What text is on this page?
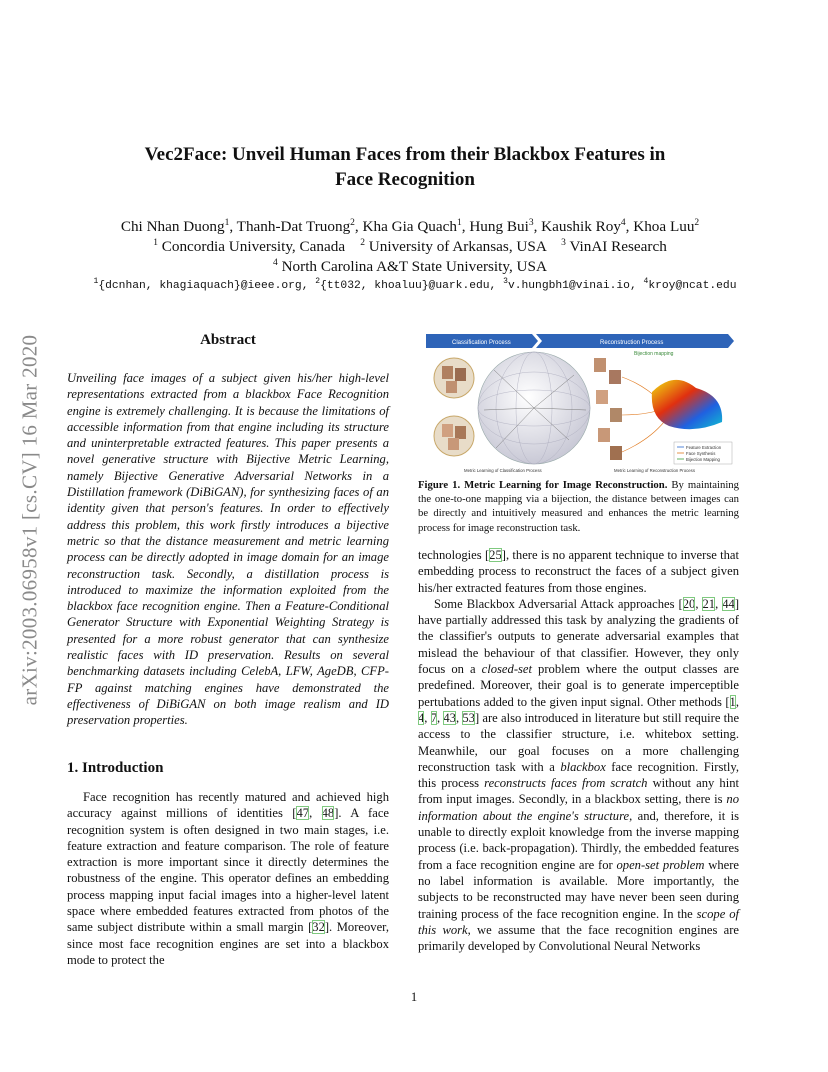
arXiv:2003.06958v1 [cs.CV] 16 Mar 2020
Vec2Face: Unveil Human Faces from their Blackbox Features in
Face Recognition
Chi Nhan Duong$^1$, Thanh-Dat Truong$^2$, Kha Gia Quach$^1$, Hung Bui$^3$, Kaushik Roy$^4$, Khoa Luu$^2$
$^1$ Concordia University, Canada    $^2$ University of Arkansas, USA    $^3$ VinAI Research
$^4$ North Carolina A&T State University, USA
$^1${dcnhan, khagiaquach}@ieee.org, $^2${tt032, khoaluu}@uark.edu, $^3$v.hungbh1@vinai.io, $^4$kroy@ncat.edu
Abstract
Unveiling face images of a subject given his/her high-level representations extracted from a blackbox Face Recognition engine is extremely challenging. It is because the limitations of accessible information from that engine including its structure and uninterpretable extracted features. This paper presents a novel generative structure with Bijective Metric Learning, namely Bijective Generative Adversarial Networks in a Distillation framework (DiBiGAN), for synthesizing faces of an identity given that person's features. In order to effectively address this problem, this work firstly introduces a bijective metric so that the distance measurement and metric learning process can be directly adopted in image domain for an image reconstruction task. Secondly, a distillation process is introduced to maximize the information exploited from the blackbox face recognition engine. Then a Feature-Conditional Generator Structure with Exponential Weighting Strategy is presented for a more robust generator that can synthesize realistic faces with ID preservation. Results on several benchmarking datasets including CelebA, LFW, AgeDB, CFP-FP against matching engines have demonstrated the effectiveness of DiBiGAN on both image realism and ID preservation properties.
1. Introduction

Face recognition has recently matured and achieved high accuracy against millions of identities [47, 48]. A face recognition system is often designed in two main stages, i.e. feature extraction and feature comparison. The role of feature extraction is more important since it directly determines the robustness of the engine. This operator defines an embedding process mapping input facial images into a higher-level latent space where embedded features extracted from photos of the same subject distribute within a small margin [32]. Moreover, since most face recognition engines are set into a blackbox mode to protect the

Classification Process	Reconstruction Process
Bijection mapping
Feature Extraction
Face Synthesis
Bijection Mapping
Metric Learning of Classification Process	Metric Learning of Reconstruction Process
Figure 1. Metric Learning for Image Reconstruction. By maintaining the one-to-one mapping via a bijection, the distance between images can be directly and intuitively measured and enhances the metric learning process for image reconstruction task.

technologies [25], there is no apparent technique to inverse that embedding process to reconstruct the faces of a subject given his/her extracted features from those engines.

Some Blackbox Adversarial Attack approaches [20, 21, 44] have partially addressed this task by analyzing the gradients of the classifier's outputs to generate adversarial examples that mislead the behaviour of that classifier. However, they only focus on a closed-set problem where the output classes are predefined. Moreover, their goal is to generate imperceptible pertubations added to the given input signal. Other methods [1, 4, 7, 43, 53] are also introduced in literature but still require the access to the classifier structure, i.e. whitebox setting. Meanwhile, our goal focuses on a more challenging reconstruction task with a blackbox face recognition. Firstly, this process reconstructs faces from scratch without any hint from input images. Secondly, in a blackbox setting, there is no information about the engine's structure, and, therefore, it is unable to directly exploit knowledge from the inverse mapping process (i.e. back-propagation). Thirdly, the embedded features from a face recognition engine are for open-set problem where no label information is available. More importantly, the subjects to be reconstructed may have never been seen during training process of the face recognition engine. In the scope of this work, we assume that the face recognition engines are primarily developed by Convolutional Neural Networks

1
